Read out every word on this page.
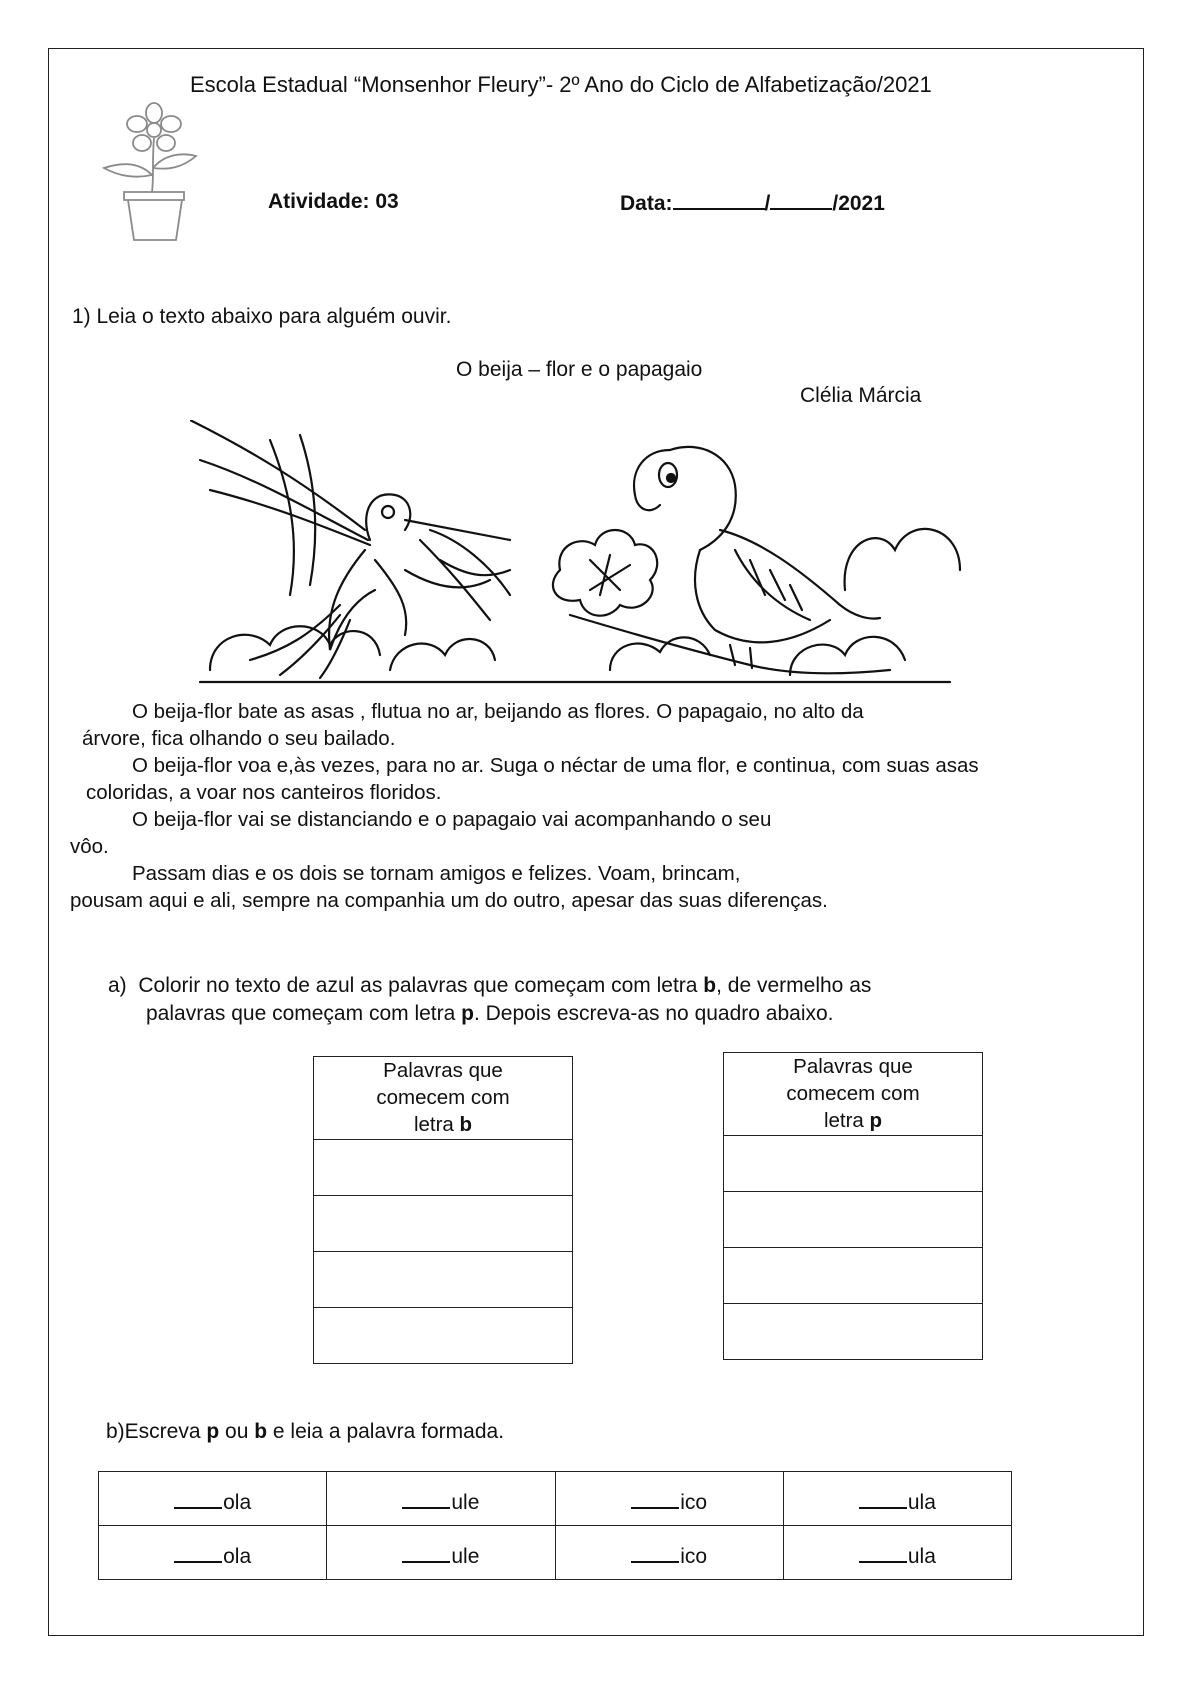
Escola Estadual “Monsenhor Fleury”- 2º Ano do Ciclo de Alfabetização/2021
Atividade: 03	Data:	/	/2021
1) Leia o texto abaixo para alguém ouvir.
O beija – flor e o papagaio
Clélia Márcia

O beija-flor bate as asas , flutua no ar, beijando as flores. O papagaio, no alto da

árvore, fica olhando o seu bailado.

O beija-flor voa e,às vezes, para no ar. Suga o néctar de uma flor, e continua, com suas asas

coloridas, a voar nos canteiros floridos.

O beija-flor vai se distanciando e o papagaio vai acompanhando o seu

vôo.

Passam dias e os dois se tornam amigos e felizes. Voam, brincam,

pousam aqui e ali, sempre na companhia um do outro, apesar das suas diferenças.

a) Colorir no texto de azul as palavras que começam com letra b, de vermelho as
palavras que começam com letra p. Depois escreva-as no quadro abaixo.
Palavras que
comecem com
letra b

Palavras que
comecem com
letra p

b)Escreva p ou b e leia a palavra formada.
ola	ule	ico	ula
ola	ule	ico	ula
